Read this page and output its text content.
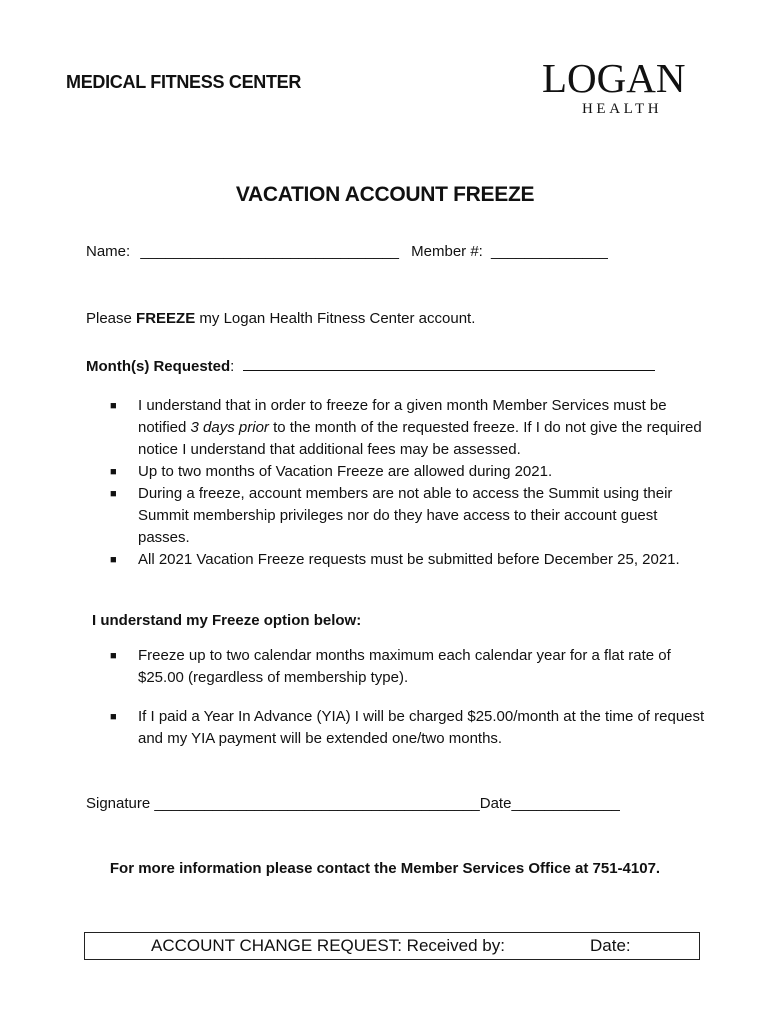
MEDICAL FITNESS CENTER	LOGAN
HEALTH
VACATION ACCOUNT FREEZE
Name: _______________________________ Member #: ______________
Please FREEZE my Logan Health Fitness Center account.
Month(s) Requested:
■ I understand that in order to freeze for a given month Member Services must be notified 3 days prior to the month of the requested freeze. If I do not give the required notice I understand that additional fees may be assessed.
■ Up to two months of Vacation Freeze are allowed during 2021.
■ During a freeze, account members are not able to access the Summit using their Summit membership privileges nor do they have access to their account guest passes.
■ All 2021 Vacation Freeze requests must be submitted before December 25, 2021.
I understand my Freeze option below:
■ Freeze up to two calendar months maximum each calendar year for a flat rate of $25.00 (regardless of membership type).
■ If I paid a Year In Advance (YIA) I will be charged $25.00/month at the time of request and my YIA payment will be extended one/two months.
Signature _______________________________________Date_____________
For more information please contact the Member Services Office at 751-4107.
ACCOUNT CHANGE REQUEST: Received by:	Date:
